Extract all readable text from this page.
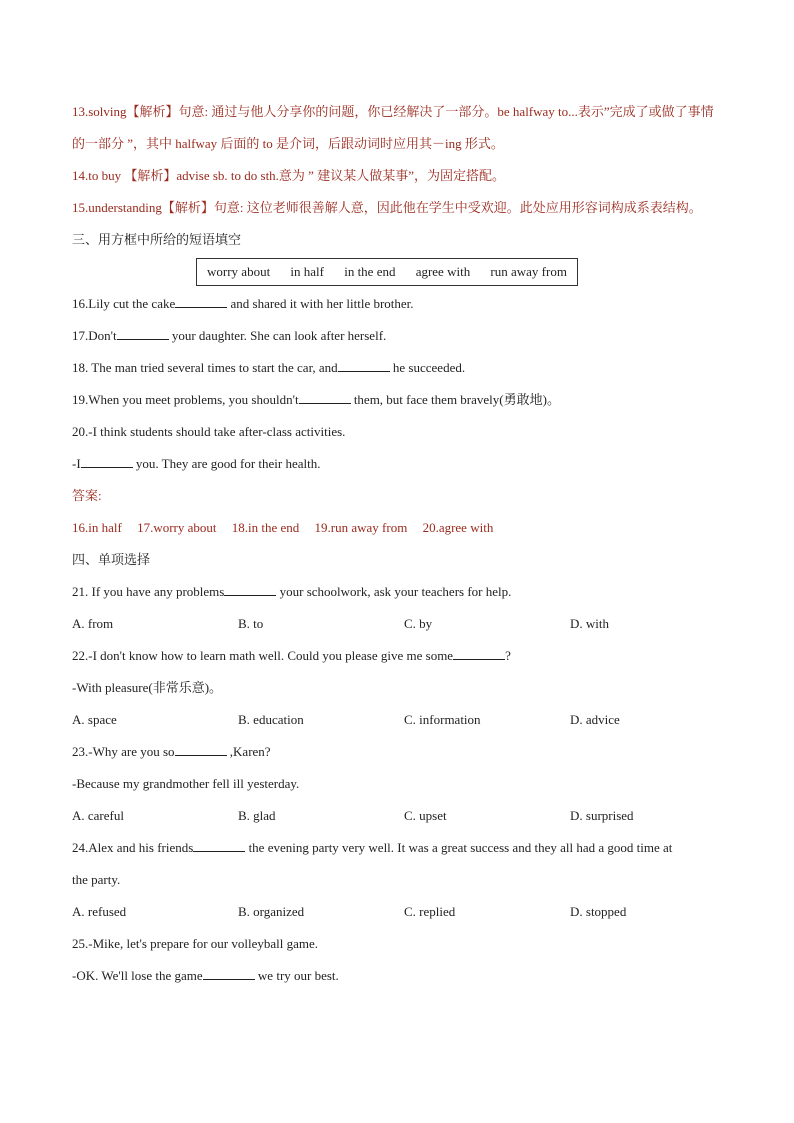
13.solving【解析】句意: 通过与他人分享你的问题，你已经解决了一部分。be halfway to...表示”完成了或做了事情的一部分 ”，其中 halfway 后面的 to 是介词，后跟动词时应用其－ing 形式。
14.to buy 【解析】advise sb. to do sth.意为 ” 建议某人做某事”，为固定搭配。
15.understanding【解析】句意: 这位老师很善解人意，因此他在学生中受欢迎。此处应用形容词构成系表结构。
三、用方框中所给的短语填空
worry about in half in the end agree with run away from
16.Lily cut the cake	and shared it with her little brother.
17.Don't	your daughter. She can look after herself.
18. The man tried several times to start the car, and	he succeeded.
19.When you meet problems, you shouldn't	them, but face them bravely(勇敢地)。
20.-I think students should take after-class activities.
-I	you. They are good for their health.
答案:
16.in half 17.worry about 18.in the end 19.run away from 20.agree with
四、单项选择
21. If you have any problems	your schoolwork, ask your teachers for help.
A. from	B. to	C. by	D. with
22.-I don't know how to learn math well. Could you please give me some	?
-With pleasure(非常乐意)。
A. space	B. education	C. information	D. advice
23.-Why are you so	,Karen?
-Because my grandmother fell ill yesterday.
A. careful	B. glad	C. upset	D. surprised
24.Alex and his friends	the evening party very well. It was a great success and they all had a good time at
the party.
A. refused	B. organized	C. replied	D. stopped
25.-Mike, let's prepare for our volleyball game.
-OK. We'll lose the game	we try our best.
